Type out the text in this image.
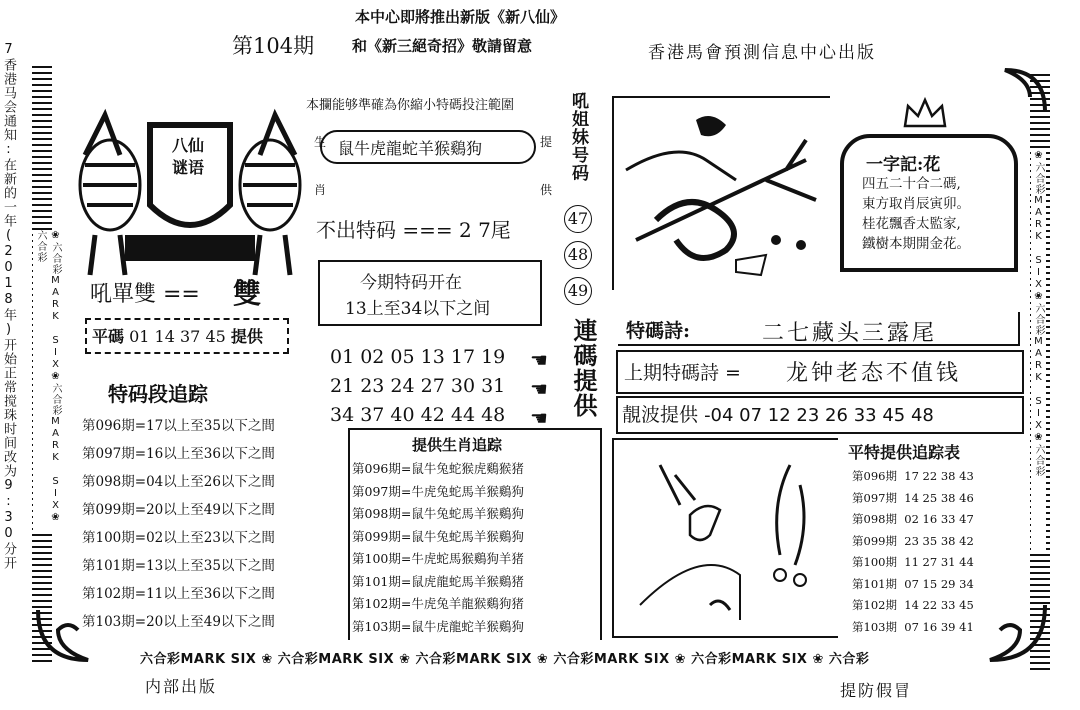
本中心即將推出新版《新八仙》
第104期	和《新三絕奇招》敬請留意	香港馬會預測信息中心出版
7香港马会通知:在新的一年(2018年)开始正常搅珠时间改为9:30分开	❀六合彩MARK SIX❀六合彩MARK SIX❀六合彩	❀六合彩MARK SIX❀六合彩MARK SIX❀六合彩
八仙谜语
吼單雙 == 雙
平碼 01 14 37 45 提供
特码段追踪
第096期=17以上至35以下之間
第097期=16以上至36以下之間
第098期=04以上至26以下之間
第099期=20以上至49以下之間
第100期=02以上至23以下之間
第101期=13以上至35以下之間
第102期=11以上至36以下之間
第103期=20以上至49以下之間
本攔能够準確為你縮小特碼投注範圍
生
肖
提
供
鼠牛虎龍蛇羊猴鷄狗
不出特码 === 2 7尾
今期特码开在
13上至34以下之间
01 02 05 13 17 19
21 23 24 27 30 31
34 37 40 42 44 48
☚
☚
☚
吼姐妹号码
47
48
49
連碼提供
提供生肖追踪
第096期=鼠牛兔蛇猴虎鷄猴猪
第097期=牛虎兔蛇馬羊猴鷄狗
第098期=鼠牛兔蛇馬羊猴鷄狗
第099期=鼠牛兔蛇馬羊猴鷄狗
第100期=牛虎蛇馬猴鷄狗羊猪
第101期=鼠虎龍蛇馬羊猴鷄猪
第102期=牛虎兔羊龍猴鷄狗猪
第103期=鼠牛虎龍蛇羊猴鷄狗
一字記:花
四五二十合二碼,
東方取肖辰寅卯。
桂花飄香太監家,
鐵樹本期開金花。
特碼詩:	二七藏头三露尾
上期特碼詩 = 龙钟老态不值钱
靚波提供 -04 07 12 23 26 33 45 48
平特提供追踪表
第096期 17 22 38 43
第097期 14 25 38 46
第098期 02 16 33 47
第099期 23 35 38 42
第100期 11 27 31 44
第101期 07 15 29 34
第102期 14 22 33 45
第103期 07 16 39 41
六合彩MARK SIX ❀ 六合彩MARK SIX ❀ 六合彩MARK SIX ❀ 六合彩MARK SIX ❀ 六合彩MARK SIX ❀ 六合彩
内部出版	提防假冒
